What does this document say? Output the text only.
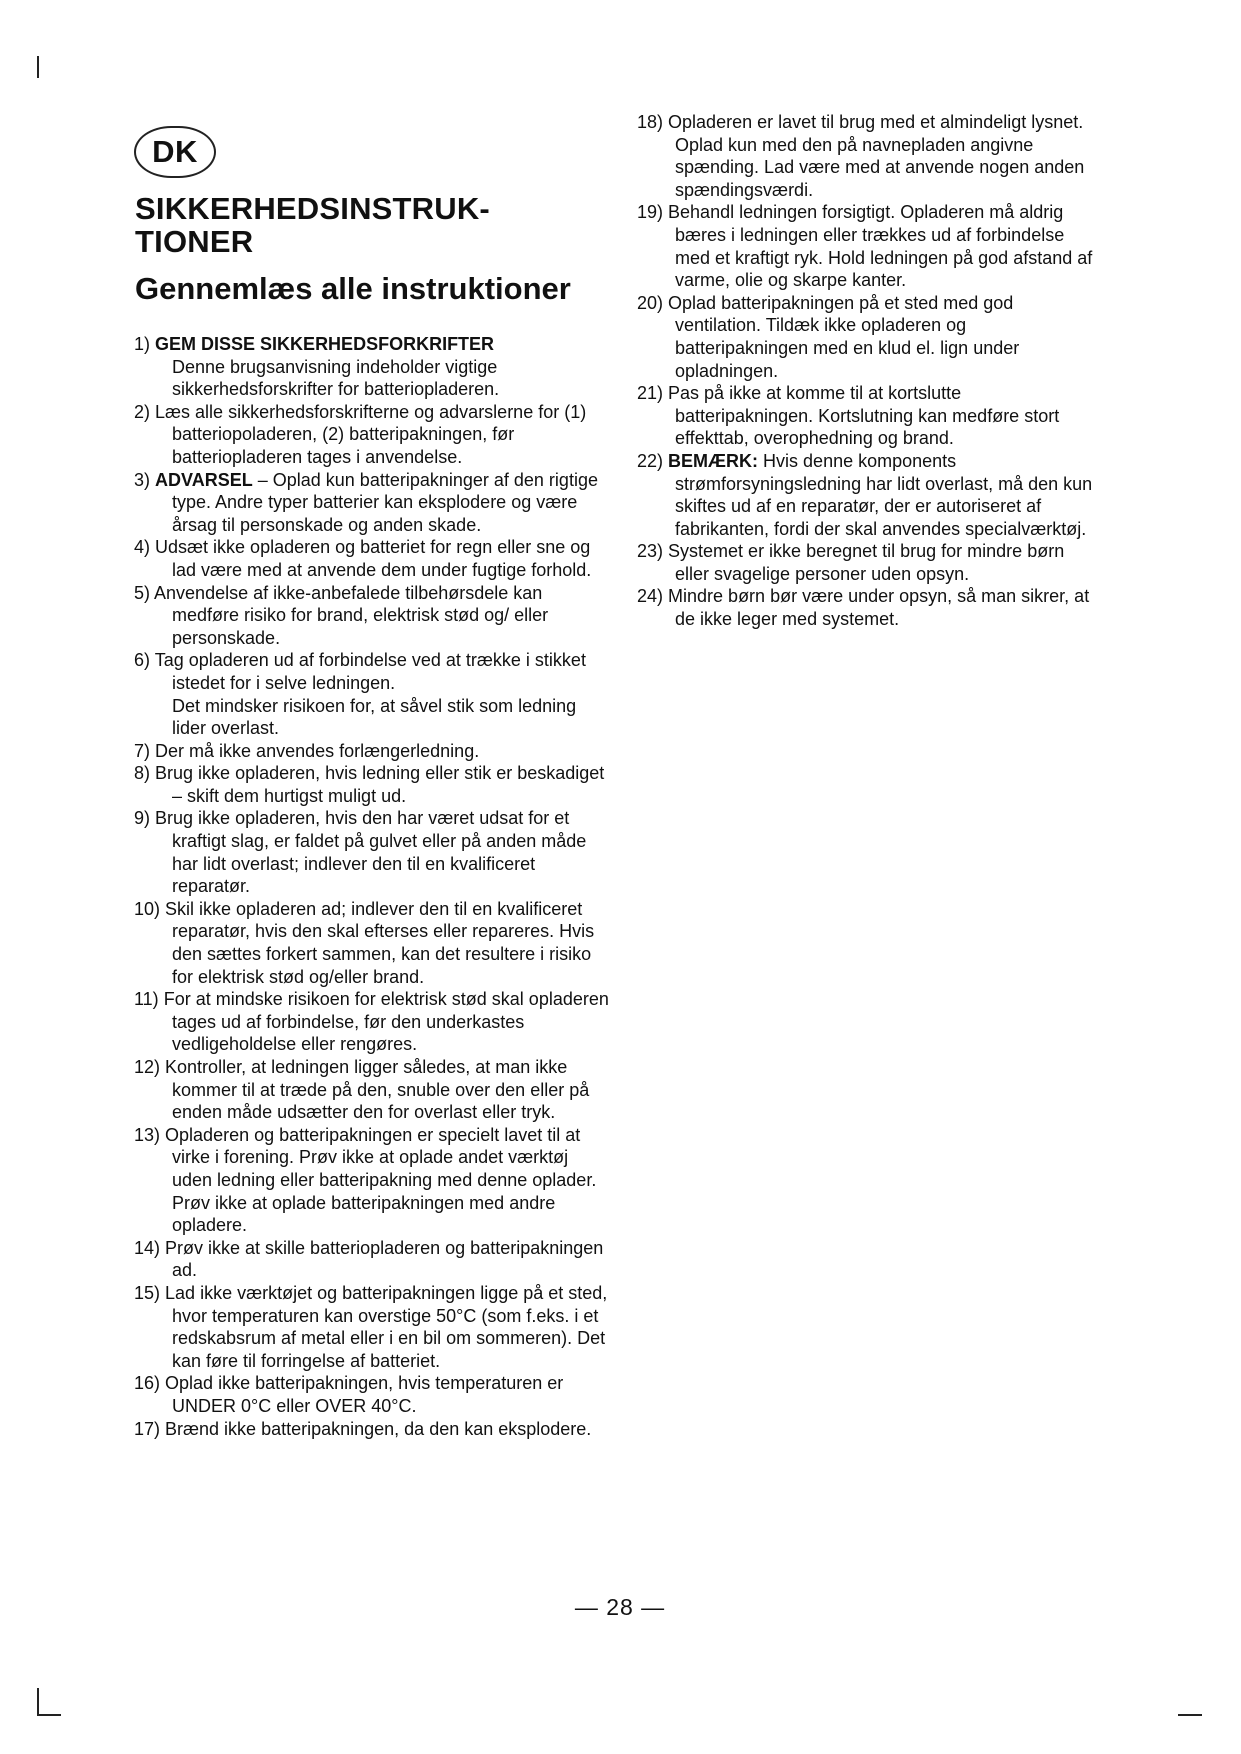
DK
SIKKERHEDSINSTRUK-
TIONER
Gennemlæs alle instruktioner

1) GEM DISSE SIKKERHEDSFORKRIFTER

Denne brugsanvisning indeholder vigtige sikkerhedsforskrifter for batteriopladeren.

2) Læs alle sikkerhedsforskrifterne og advarslerne for (1) batteriopoladeren, (2) batteripakningen, før batteriopladeren tages i anvendelse.

3) ADVARSEL – Oplad kun batteripakninger af den rigtige type. Andre typer batterier kan eksplodere og være årsag til personskade og anden skade.

4) Udsæt ikke opladeren og batteriet for regn eller sne og lad være med at anvende dem under fugtige forhold.

5) Anvendelse af ikke-anbefalede tilbehørsdele kan medføre risiko for brand, elektrisk stød og/ eller personskade.

6) Tag opladeren ud af forbindelse ved at trække i stikket istedet for i selve ledningen.

Det mindsker risikoen for, at såvel stik som ledning lider overlast.

7) Der må ikke anvendes forlængerledning.

8) Brug ikke opladeren, hvis ledning eller stik er beskadiget – skift dem hurtigst muligt ud.

9) Brug ikke opladeren, hvis den har været udsat for et kraftigt slag, er faldet på gulvet eller på anden måde har lidt overlast; indlever den til en kvalificeret reparatør.

10) Skil ikke opladeren ad; indlever den til en kvalificeret reparatør, hvis den skal efterses eller repareres. Hvis den sættes forkert sammen, kan det resultere i risiko for elektrisk stød og/eller brand.

11) For at mindske risikoen for elektrisk stød skal opladeren tages ud af forbindelse, før den underkastes vedligeholdelse eller rengøres.

12) Kontroller, at ledningen ligger således, at man ikke kommer til at træde på den, snuble over den eller på enden måde udsætter den for overlast eller tryk.

13) Opladeren og batteripakningen er specielt lavet til at virke i forening. Prøv ikke at oplade andet værktøj uden ledning eller batteripakning med denne oplader. Prøv ikke at oplade batteripakningen med andre opladere.

14) Prøv ikke at skille batteriopladeren og batteripakningen ad.

15) Lad ikke værktøjet og batteripakningen ligge på et sted, hvor temperaturen kan overstige 50°C (som f.eks. i et redskabsrum af metal eller i en bil om sommeren). Det kan føre til forringelse af batteriet.

16) Oplad ikke batteripakningen, hvis temperaturen er UNDER 0°C eller OVER 40°C.

17) Brænd ikke batteripakningen, da den kan eksplodere.

18) Opladeren er lavet til brug med et almindeligt lysnet. Oplad kun med den på navnepladen angivne spænding. Lad være med at anvende nogen anden spændingsværdi.

19) Behandl ledningen forsigtigt. Opladeren må aldrig bæres i ledningen eller trækkes ud af forbindelse med et kraftigt ryk. Hold ledningen på god afstand af varme, olie og skarpe kanter.

20) Oplad batteripakningen på et sted med god ventilation. Tildæk ikke opladeren og batteripakningen med en klud el. lign under opladningen.

21) Pas på ikke at komme til at kortslutte batteripakningen. Kortslutning kan medføre stort effekttab, overophedning og brand.

22) BEMÆRK: Hvis denne komponents strømforsyningsledning har lidt overlast, må den kun skiftes ud af en reparatør, der er autoriseret af fabrikanten, fordi der skal anvendes specialværktøj.

23) Systemet er ikke beregnet til brug for mindre børn eller svagelige personer uden opsyn.

24) Mindre børn bør være under opsyn, så man sikrer, at de ikke leger med systemet.

— 28 —
